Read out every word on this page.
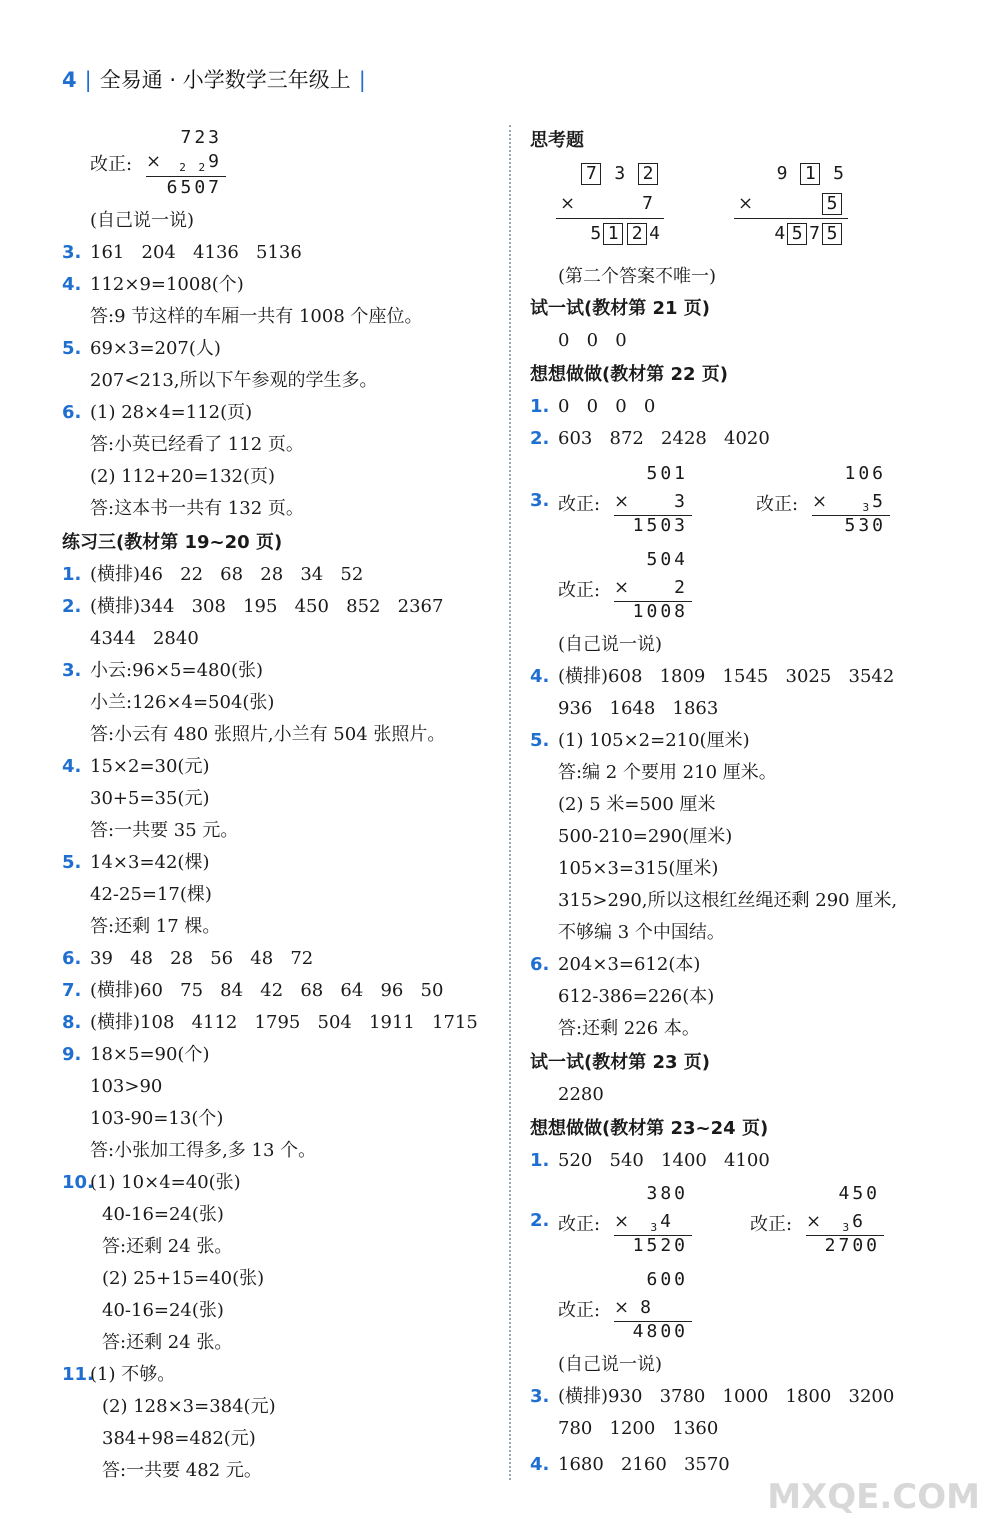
4 | 全易通 · 小学数学三年级上 |
(自己说一说)
3. 161   204   4136   5136
4. 112×9=1008(个)
答:9 节这样的车厢一共有 1008 个座位。
5. 69×3=207(人)
207<213,所以下午参观的学生多。
6. (1) 28×4=112(页)
答:小英已经看了 112 页。
(2) 112+20=132(页)
答:这本书一共有 132 页。
练习三(教材第 19~20 页)
1. (横排)46   22   68   28   34   52
2. (横排)344   308   195   450   852   2367
4344   2840
3. 小云:96×5=480(张)
小兰:126×4=504(张)
答:小云有 480 张照片,小兰有 504 张照片。
4. 15×2=30(元)
30+5=35(元)
答:一共要 35 元。
5. 14×3=42(棵)
42-25=17(棵)
答:还剩 17 棵。
6. 39   48   28   56   48   72
7. (横排)60   75   84   42   68   64   96   50
8. (横排)108   4112   1795   504   1911   1715
9. 18×5=90(个)
103>90
103-90=13(个)
答:小张加工得多,多 13 个。
10.(1) 10×4=40(张)
40-16=24(张)
答:还剩 24 张。
(2) 25+15=40(张)
40-16=24(张)
答:还剩 24 张。
11.(1) 不够。
(2) 128×3=384(元)
384+98=482(元)
答:一共要 482 元。
思考题
(第二个答案不唯一)
试一试(教材第 21 页)
0   0   0
想想做做(教材第 22 页)
1. 0   0   0   0
2. 603   872   2428   4020
(自己说一说)
4. (横排)608   1809   1545   3025   3542
936   1648   1863
5. (1) 105×2=210(厘米)
答:编 2 个要用 210 厘米。
(2) 5 米=500 厘米
500-210=290(厘米)
105×3=315(厘米)
315>290,所以这根红丝绳还剩 290 厘米,
不够编 3 个中国结。
6. 204×3=612(本)
612-386=226(本)
答:还剩 226 本。
试一试(教材第 23 页)
2280
想想做做(教材第 23~24 页)
1. 520   540   1400   4100
(自己说一说)
3. (横排)930   3780   1000   1800   3200
780   1200   1360
4. 1680   2160   3570
改正:
723
×	$_{2 2}$9
6507
7 3 2
×	7
5 1 2 4
9 1 5
×	5
4 5 7 5
3. 改正:
501
×	3
1503
改正:
106
×	$_3$5
530
改正:
504
×	2
1008
2. 改正:
380
×	$_3$4
1520
改正:
450
×	$_3$6
2700
改正:
600
× 8
4800
MXQE.COM
